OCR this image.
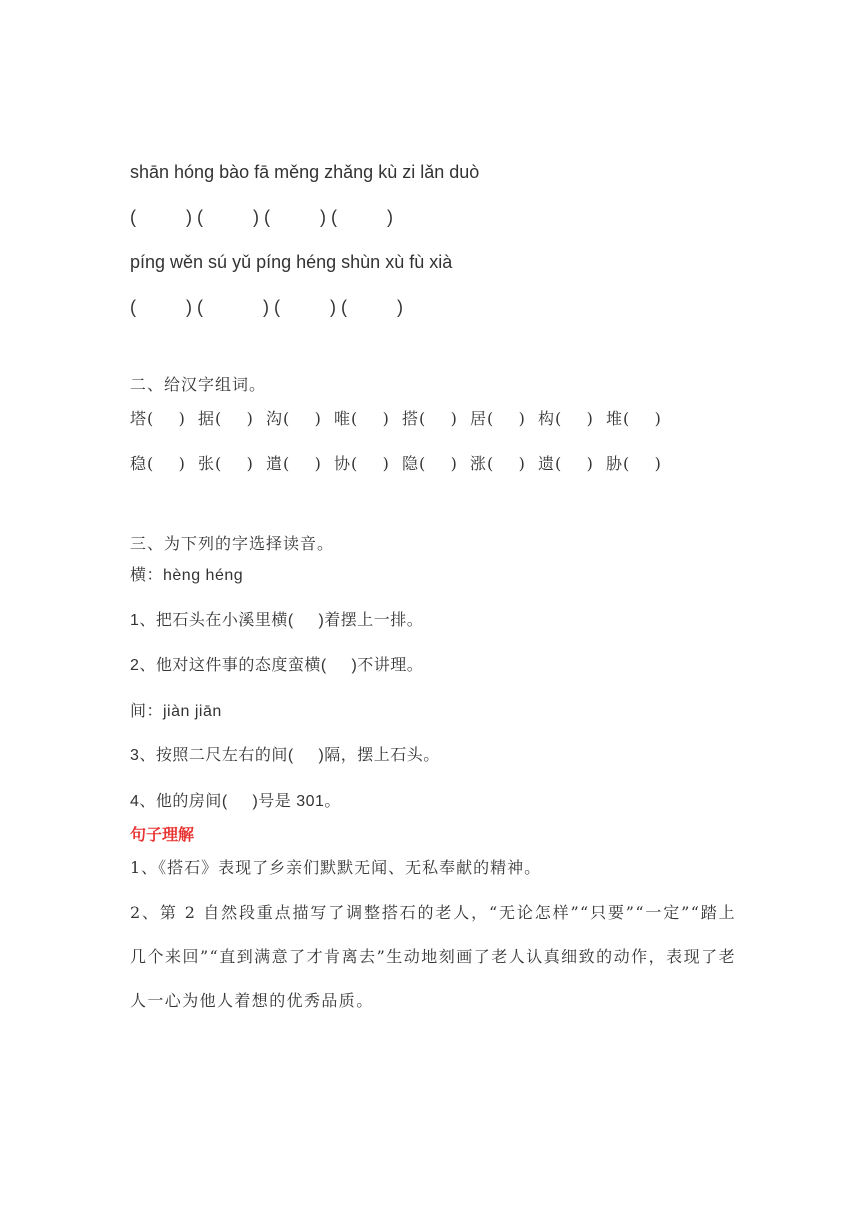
shān hóng bào fā měng zhǎng kù zi lǎn duò
(          ) (          ) (          ) (          )
píng wěn sú yǔ píng héng shùn xù fù xià
(          ) (            ) (          ) (          )
二、给汉字组词。
塔(    )  据(    )  沟(    )  唯(    )  搭(    )  居(    )  构(    )  堆(    )
稳(    )  张(    )  遣(    )  协(    )  隐(    )  涨(    )  遗(    )  胁(    )
三、为下列的字选择读音。
横：hèng héng
1、把石头在小溪里横(     )着摆上一排。
2、他对这件事的态度蛮横(     )不讲理。
间：jiàn jiān
3、按照二尺左右的间(     )隔，摆上石头。
4、他的房间(     )号是 301。
句子理解
1、《搭石》表现了乡亲们默默无闻、无私奉献的精神。
2、第 2 自然段重点描写了调整搭石的老人，“无论怎样”“只要”“一定”“踏上几个来回”“直到满意了才肯离去”生动地刻画了老人认真细致的动作，表现了老人一心为他人着想的优秀品质。
